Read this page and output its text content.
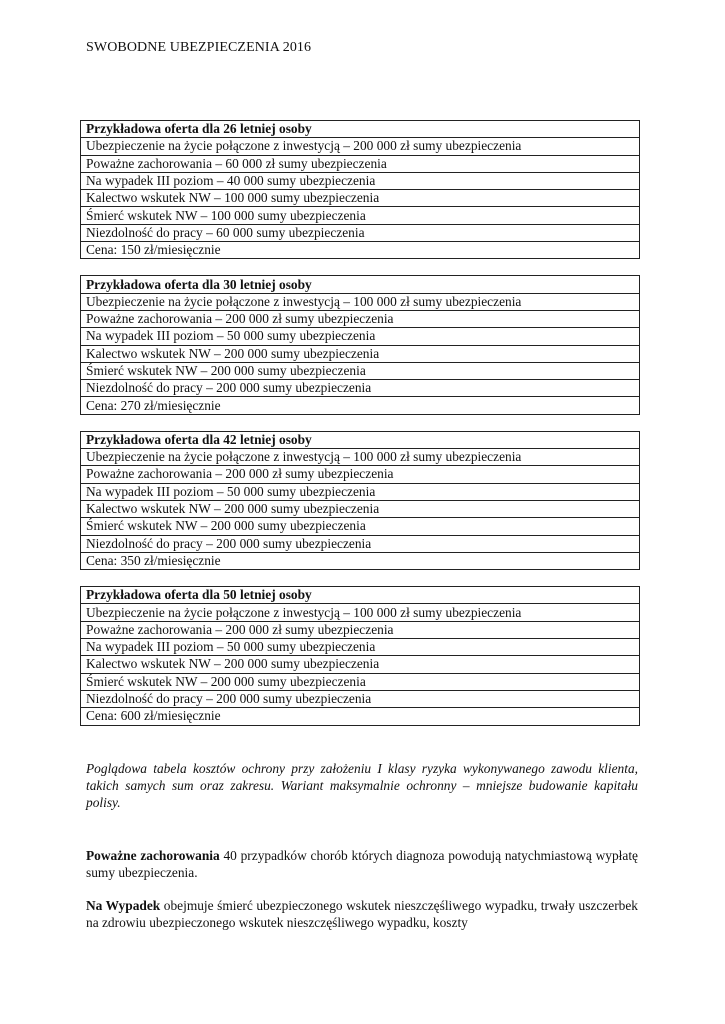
SWOBODNE UBEZPIECZENIA 2016
Przykładowa oferta dla 26 letniej osoby
Ubezpieczenie na życie połączone z inwestycją – 200 000 zł sumy ubezpieczenia
Poważne zachorowania – 60 000 zł sumy ubezpieczenia
Na wypadek III poziom – 40 000 sumy ubezpieczenia
Kalectwo wskutek NW – 100 000 sumy ubezpieczenia
Śmierć wskutek NW – 100 000 sumy ubezpieczenia
Niezdolność do pracy – 60 000 sumy ubezpieczenia
Cena: 150 zł/miesięcznie
Przykładowa oferta dla 30 letniej osoby
Ubezpieczenie na życie połączone z inwestycją – 100 000 zł sumy ubezpieczenia
Poważne zachorowania – 200 000 zł sumy ubezpieczenia
Na wypadek III poziom – 50 000 sumy ubezpieczenia
Kalectwo wskutek NW – 200 000 sumy ubezpieczenia
Śmierć wskutek NW – 200 000 sumy ubezpieczenia
Niezdolność do pracy – 200 000 sumy ubezpieczenia
Cena: 270 zł/miesięcznie
Przykładowa oferta dla 42 letniej osoby
Ubezpieczenie na życie połączone z inwestycją – 100 000 zł sumy ubezpieczenia
Poważne zachorowania – 200 000 zł sumy ubezpieczenia
Na wypadek III poziom – 50 000 sumy ubezpieczenia
Kalectwo wskutek NW – 200 000 sumy ubezpieczenia
Śmierć wskutek NW – 200 000 sumy ubezpieczenia
Niezdolność do pracy – 200 000 sumy ubezpieczenia
Cena: 350 zł/miesięcznie
Przykładowa oferta dla 50 letniej osoby
Ubezpieczenie na życie połączone z inwestycją – 100 000 zł sumy ubezpieczenia
Poważne zachorowania – 200 000 zł sumy ubezpieczenia
Na wypadek III poziom – 50 000 sumy ubezpieczenia
Kalectwo wskutek NW – 200 000 sumy ubezpieczenia
Śmierć wskutek NW – 200 000 sumy ubezpieczenia
Niezdolność do pracy – 200 000 sumy ubezpieczenia
Cena: 600 zł/miesięcznie

Poglądowa tabela kosztów ochrony przy założeniu I klasy ryzyka wykonywanego zawodu klienta, takich samych sum oraz zakresu. Wariant maksymalnie ochronny – mniejsze budowanie kapitału polisy.

Poważne zachorowania 40 przypadków chorób których diagnoza powodują natychmiastową wypłatę sumy ubezpieczenia.

Na Wypadek obejmuje śmierć ubezpieczonego wskutek nieszczęśliwego wypadku, trwały uszczerbek na zdrowiu ubezpieczonego wskutek nieszczęśliwego wypadku, koszty
